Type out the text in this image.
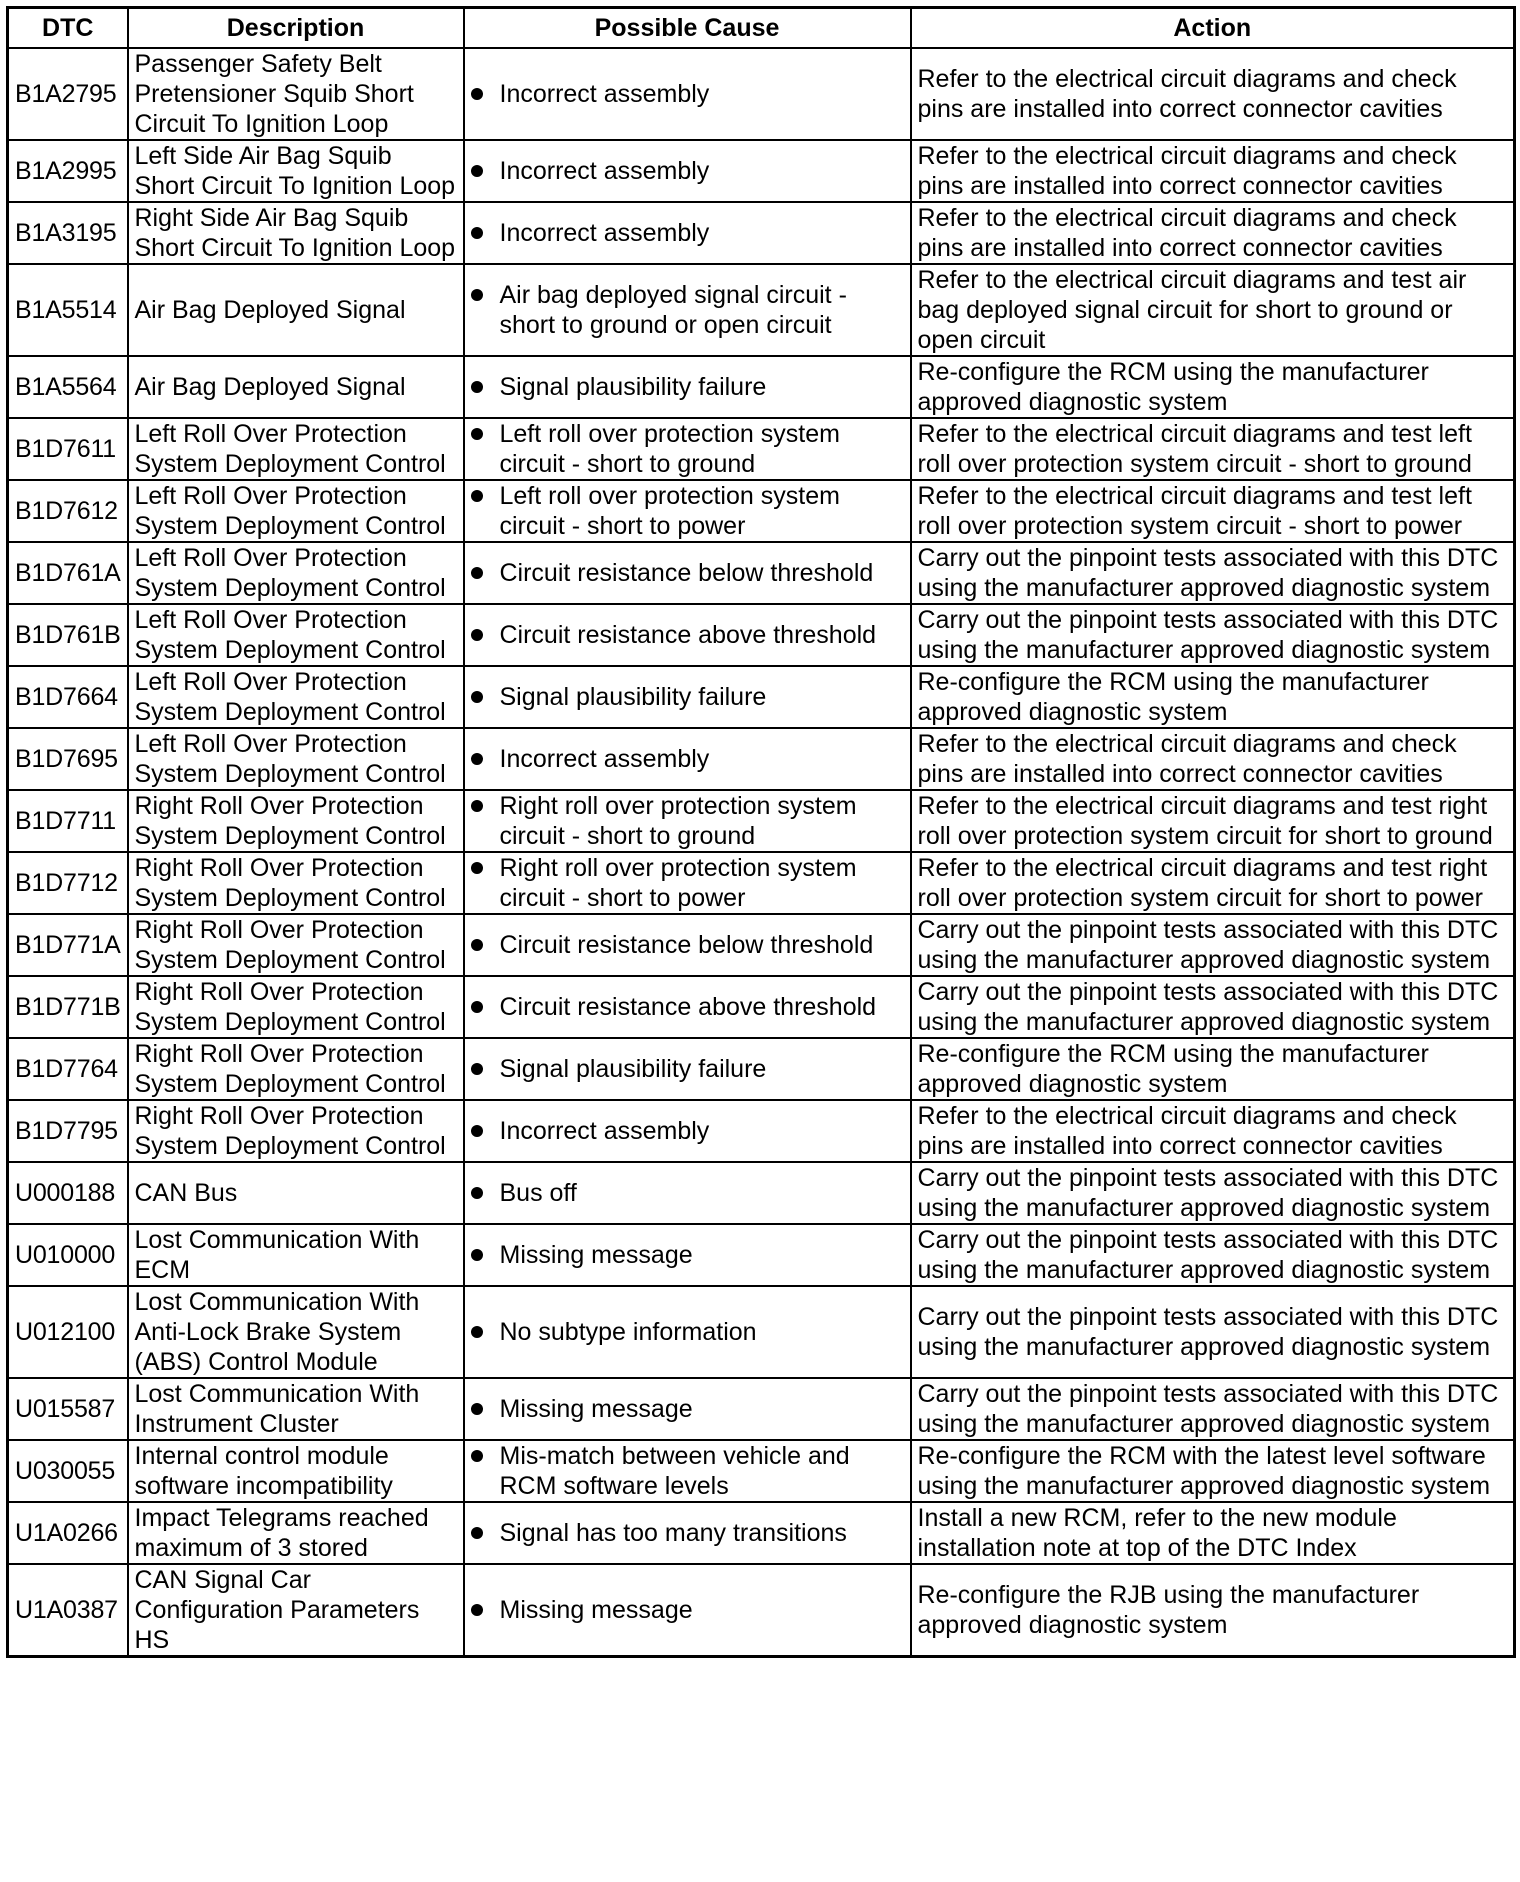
DTC	Description	Possible Cause	Action
B1A2795	Passenger Safety Belt Pretensioner Squib Short Circuit To Ignition Loop	Incorrect assembly	Refer to the electrical circuit diagrams and check pins are installed into correct connector cavities
B1A2995	Left Side Air Bag Squib Short Circuit To Ignition Loop	Incorrect assembly	Refer to the electrical circuit diagrams and check pins are installed into correct connector cavities
B1A3195	Right Side Air Bag Squib Short Circuit To Ignition Loop	Incorrect assembly	Refer to the electrical circuit diagrams and check pins are installed into correct connector cavities
B1A5514	Air Bag Deployed Signal	Air bag deployed signal circuit - short to ground or open circuit	Refer to the electrical circuit diagrams and test air bag deployed signal circuit for short to ground or open circuit
B1A5564	Air Bag Deployed Signal	Signal plausibility failure	Re-configure the RCM using the manufacturer approved diagnostic system
B1D7611	Left Roll Over Protection System Deployment Control	Left roll over protection system circuit - short to ground	Refer to the electrical circuit diagrams and test left roll over protection system circuit - short to ground
B1D7612	Left Roll Over Protection System Deployment Control	Left roll over protection system circuit - short to power	Refer to the electrical circuit diagrams and test left roll over protection system circuit - short to power
B1D761A	Left Roll Over Protection System Deployment Control	Circuit resistance below threshold	Carry out the pinpoint tests associated with this DTC using the manufacturer approved diagnostic system
B1D761B	Left Roll Over Protection System Deployment Control	Circuit resistance above threshold	Carry out the pinpoint tests associated with this DTC using the manufacturer approved diagnostic system
B1D7664	Left Roll Over Protection System Deployment Control	Signal plausibility failure	Re-configure the RCM using the manufacturer approved diagnostic system
B1D7695	Left Roll Over Protection System Deployment Control	Incorrect assembly	Refer to the electrical circuit diagrams and check pins are installed into correct connector cavities
B1D7711	Right Roll Over Protection System Deployment Control	Right roll over protection system circuit - short to ground	Refer to the electrical circuit diagrams and test right roll over protection system circuit for short to ground
B1D7712	Right Roll Over Protection System Deployment Control	Right roll over protection system circuit - short to power	Refer to the electrical circuit diagrams and test right roll over protection system circuit for short to power
B1D771A	Right Roll Over Protection System Deployment Control	Circuit resistance below threshold	Carry out the pinpoint tests associated with this DTC using the manufacturer approved diagnostic system
B1D771B	Right Roll Over Protection System Deployment Control	Circuit resistance above threshold	Carry out the pinpoint tests associated with this DTC using the manufacturer approved diagnostic system
B1D7764	Right Roll Over Protection System Deployment Control	Signal plausibility failure	Re-configure the RCM using the manufacturer approved diagnostic system
B1D7795	Right Roll Over Protection System Deployment Control	Incorrect assembly	Refer to the electrical circuit diagrams and check pins are installed into correct connector cavities
U000188	CAN Bus	Bus off	Carry out the pinpoint tests associated with this DTC using the manufacturer approved diagnostic system
U010000	Lost Communication With ECM	Missing message	Carry out the pinpoint tests associated with this DTC using the manufacturer approved diagnostic system
U012100	Lost Communication With Anti-Lock Brake System (ABS) Control Module	No subtype information	Carry out the pinpoint tests associated with this DTC using the manufacturer approved diagnostic system
U015587	Lost Communication With Instrument Cluster	Missing message	Carry out the pinpoint tests associated with this DTC using the manufacturer approved diagnostic system
U030055	Internal control module software incompatibility	Mis-match between vehicle and RCM software levels	Re-configure the RCM with the latest level software using the manufacturer approved diagnostic system
U1A0266	Impact Telegrams reached maximum of 3 stored	Signal has too many transitions	Install a new RCM, refer to the new module installation note at top of the DTC Index
U1A0387	CAN Signal Car Configuration Parameters HS	Missing message	Re-configure the RJB using the manufacturer approved diagnostic system
